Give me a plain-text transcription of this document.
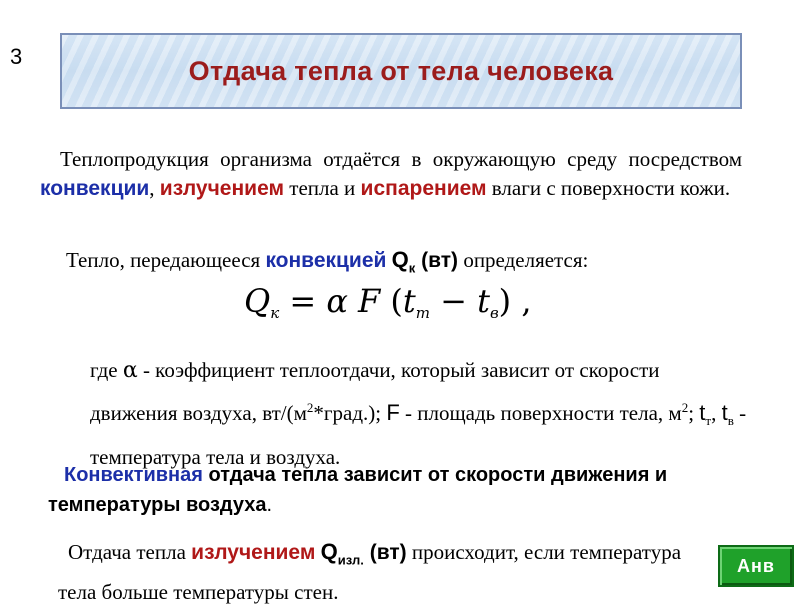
3	Отдача тепла от тела человека
Теплопродукция организма отдаётся в окружающую среду посредством конвекции, излучением тепла и испарением влаги с поверхности кожи.
Тепло, передающееся конвекцией $Q_к$ (вт) определяется:
$Q_к = \alpha$ F $(t_т - t_в)$ ,
где α - коэффициент теплоотдачи, который зависит от скорости движения воздуха, $вт/(м^2*град.)$; F - площадь поверхности тела, $м^2$; $t_т$, $t_в$ - температура тела и воздуха.
Конвективная отдача тепла зависит от скорости движения и температуры воздуха.
Отдача тепла излучением $Q_{изл.}$ (вт) происходит, если температура тела больше температуры стен.
Анв
